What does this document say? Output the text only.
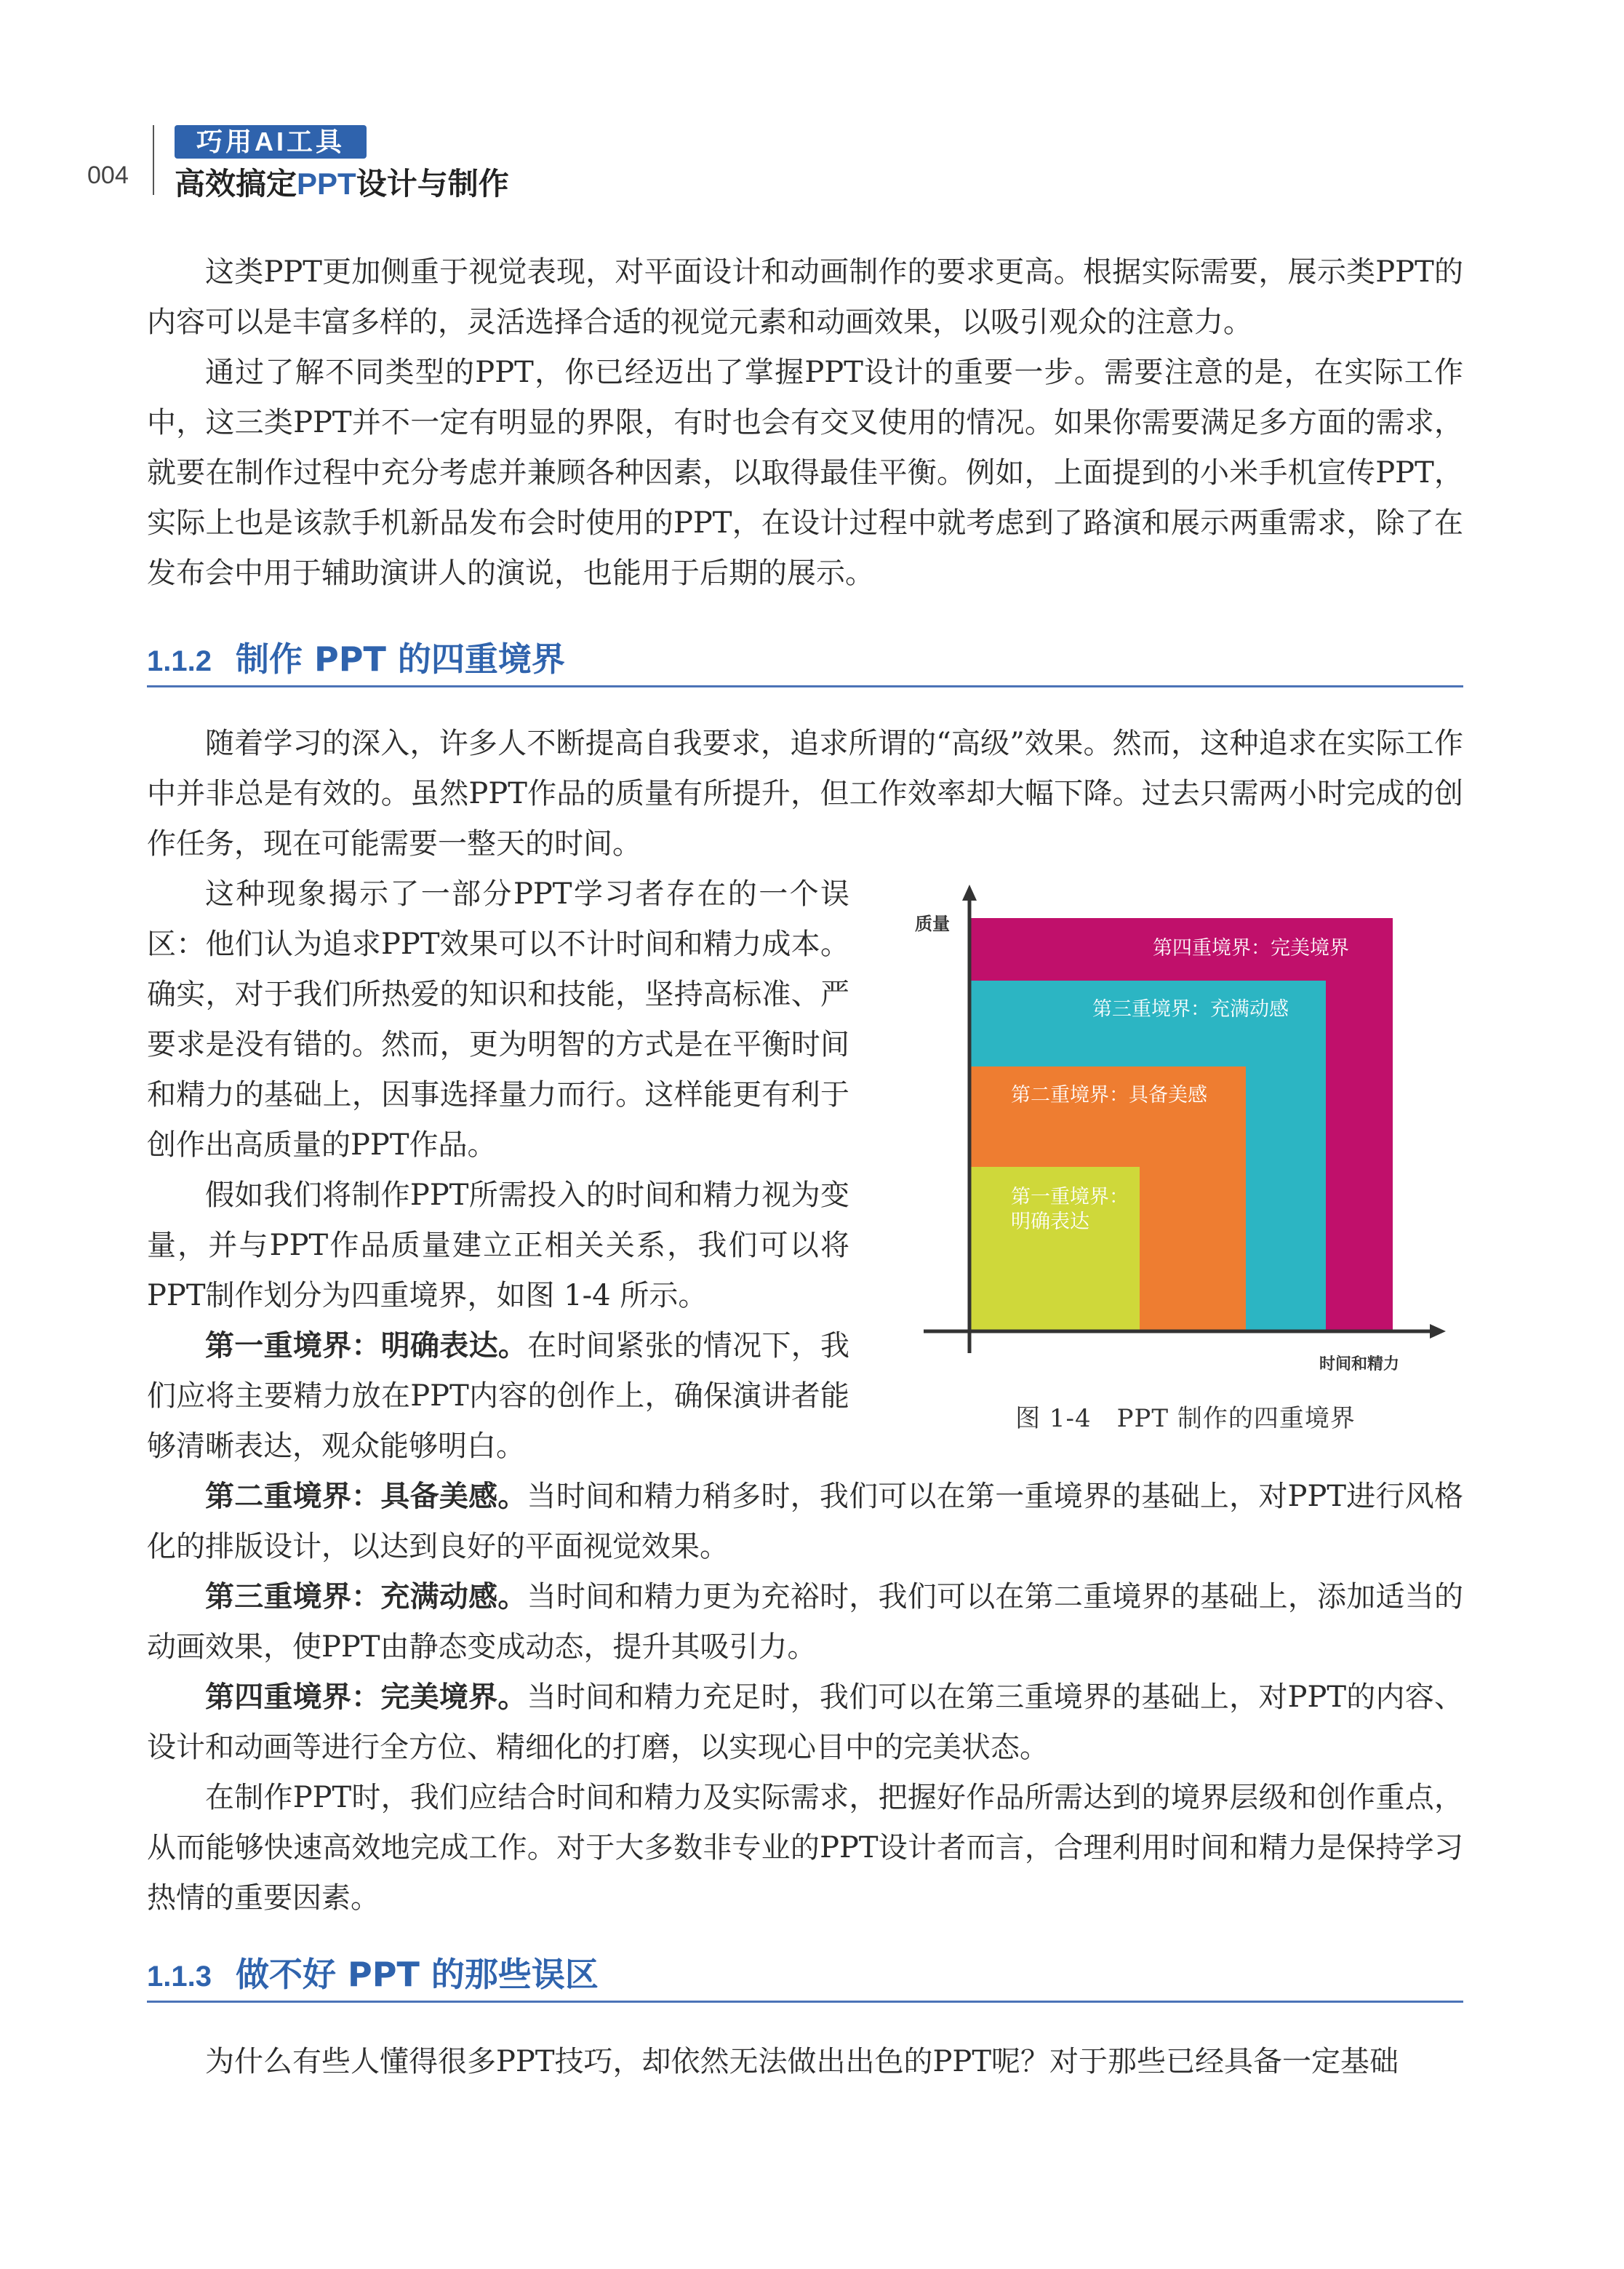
004
巧用AI工具
高效搞定PPT设计与制作

这类PPT更加侧重于视觉表现，对平面设计和动画制作的要求更高。根据实际需要，展示类PPT的内容可以是丰富多样的，灵活选择合适的视觉元素和动画效果，以吸引观众的注意力。

通过了解不同类型的PPT，你已经迈出了掌握PPT设计的重要一步。需要注意的是，在实际工作中，这三类PPT并不一定有明显的界限，有时也会有交叉使用的情况。如果你需要满足多方面的需求，就要在制作过程中充分考虑并兼顾各种因素，以取得最佳平衡。例如，上面提到的小米手机宣传PPT，实际上也是该款手机新品发布会时使用的PPT，在设计过程中就考虑到了路演和展示两重需求，除了在发布会中用于辅助演讲人的演说，也能用于后期的展示。

1.1.2 制作 PPT 的四重境界

随着学习的深入，许多人不断提高自我要求，追求所谓的“高级”效果。然而，这种追求在实际工作中并非总是有效的。虽然PPT作品的质量有所提升，但工作效率却大幅下降。过去只需两小时完成的创作任务，现在可能需要一整天的时间。

这种现象揭示了一部分PPT学习者存在的一个误区：他们认为追求PPT效果可以不计时间和精力成本。确实，对于我们所热爱的知识和技能，坚持高标准、严要求是没有错的。然而，更为明智的方式是在平衡时间和精力的基础上，因事选择量力而行。这样能更有利于创作出高质量的PPT作品。

假如我们将制作PPT所需投入的时间和精力视为变量，并与PPT作品质量建立正相关关系，我们可以将PPT制作划分为四重境界，如图 1-4 所示。

第一重境界：明确表达。在时间紧张的情况下，我们应将主要精力放在PPT内容的创作上，确保演讲者能够清晰表达，观众能够明白。

第二重境界：具备美感。当时间和精力稍多时，我们可以在第一重境界的基础上，对PPT进行风格化的排版设计，以达到良好的平面视觉效果。

第三重境界：充满动感。当时间和精力更为充裕时，我们可以在第二重境界的基础上，添加适当的动画效果，使PPT由静态变成动态，提升其吸引力。

第四重境界：完美境界。当时间和精力充足时，我们可以在第三重境界的基础上，对PPT的内容、设计和动画等进行全方位、精细化的打磨，以实现心目中的完美状态。

在制作PPT时，我们应结合时间和精力及实际需求，把握好作品所需达到的境界层级和创作重点，从而能够快速高效地完成工作。对于大多数非专业的PPT设计者而言，合理利用时间和精力是保持学习热情的重要因素。

质量
时间和精力
第四重境界：完美境界
第三重境界：充满动感
第二重境界：具备美感
第一重境界：
明确表达
图 1-4　PPT 制作的四重境界
1.1.3 做不好 PPT 的那些误区

为什么有些人懂得很多PPT技巧，却依然无法做出出色的PPT呢？对于那些已经具备一定基础
